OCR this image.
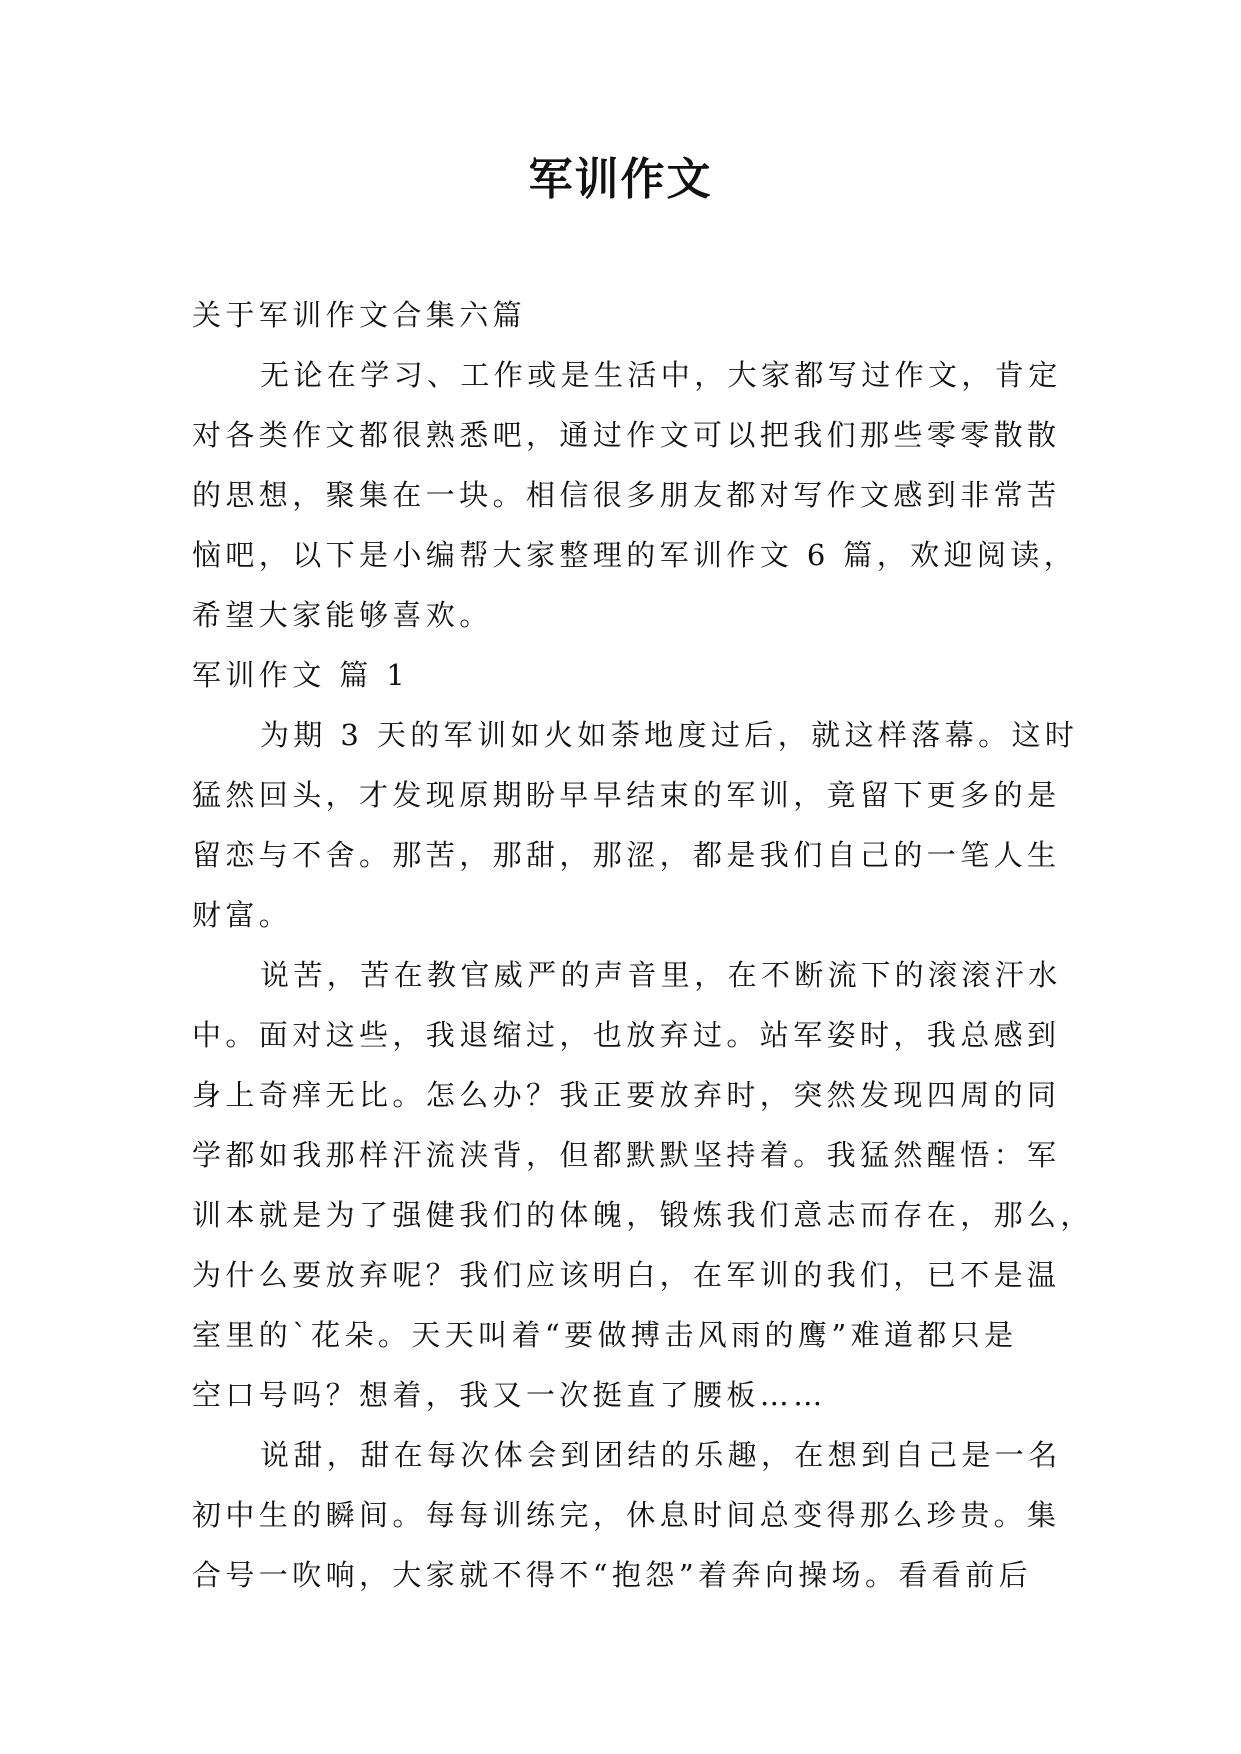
军训作文

关于军训作文合集六篇

无论在学习、工作或是生活中，大家都写过作文，肯定

对各类作文都很熟悉吧，通过作文可以把我们那些零零散散

的思想，聚集在一块。相信很多朋友都对写作文感到非常苦

恼吧，以下是小编帮大家整理的军训作文 6 篇，欢迎阅读，

希望大家能够喜欢。

军训作文 篇 1

为期 3 天的军训如火如荼地度过后，就这样落幕。这时

猛然回头，才发现原期盼早早结束的军训，竟留下更多的是

留恋与不舍。那苦，那甜，那涩，都是我们自己的一笔人生

财富。

说苦，苦在教官威严的声音里，在不断流下的滚滚汗水

中。面对这些，我退缩过，也放弃过。站军姿时，我总感到

身上奇痒无比。怎么办？我正要放弃时，突然发现四周的同

学都如我那样汗流浃背，但都默默坚持着。我猛然醒悟：军

训本就是为了强健我们的体魄，锻炼我们意志而存在，那么，

为什么要放弃呢？我们应该明白，在军训的我们，已不是温

室里的`花朵。天天叫着“要做搏击风雨的鹰”难道都只是

空口号吗？想着，我又一次挺直了腰板……

说甜，甜在每次体会到团结的乐趣，在想到自己是一名

初中生的瞬间。每每训练完，休息时间总变得那么珍贵。集

合号一吹响，大家就不得不“抱怨”着奔向操场。看看前后
